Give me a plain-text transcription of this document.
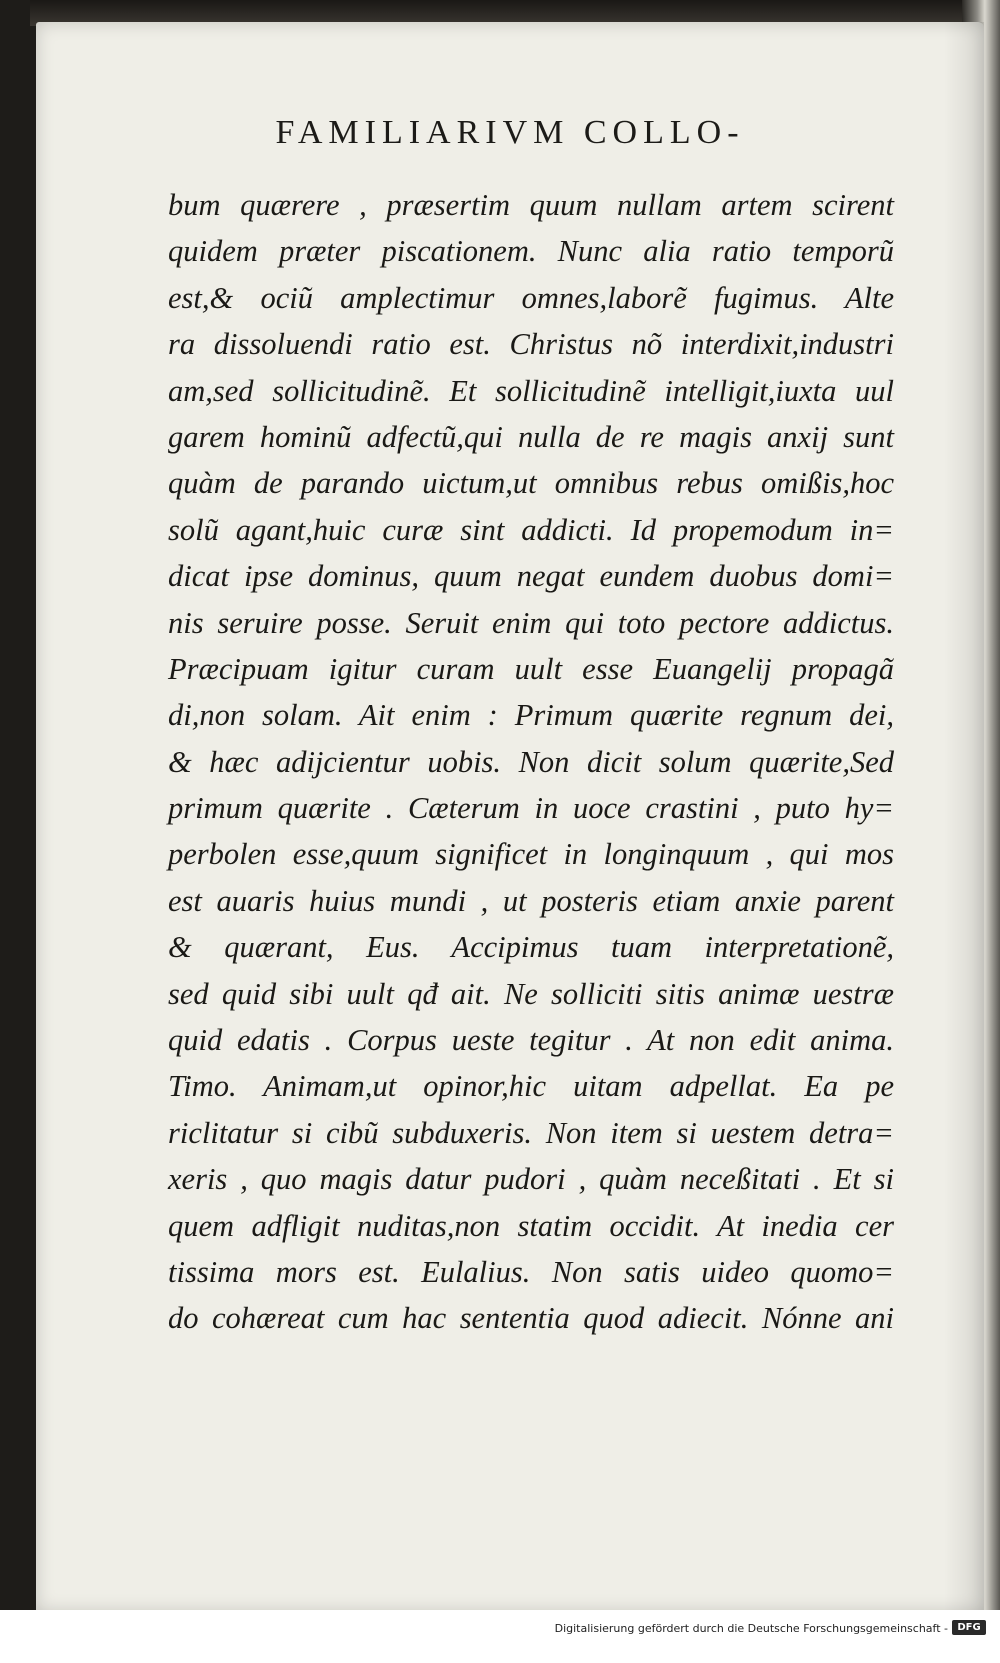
FAMILIARIVM COLLO-
bum quærere , præsertim quum nullam artem scirent
quidem præter piscationem. Nunc alia ratio temporũ
est,& ociũ amplectimur omnes,laborẽ fugimus. Alte
ra dissoluendi ratio est. Christus nõ interdixit,industri
am,sed sollicitudinẽ. Et sollicitudinẽ intelligit,iuxta uul
garem hominũ adfectũ,qui nulla de re magis anxij sunt
quàm de parando uictum,ut omnibus rebus omißis,hoc
solũ agant,huic curæ sint addicti. Id propemodum in=
dicat ipse dominus, quum negat eundem duobus domi=
nis seruire posse. Seruit enim qui toto pectore addictus.
Præcipuam igitur curam uult esse Euangelij propagã
di,non solam. Ait enim : Primum quærite regnum dei,
& hæc adijcientur uobis. Non dicit solum quærite,Sed
primum quærite . Cæterum in uoce crastini , puto hy=
perbolen esse,quum significet in longinquum , qui mos
est auaris huius mundi , ut posteris etiam anxie parent
& quærant, Eus. Accipimus tuam interpretationẽ,
sed quid sibi uult qđ ait. Ne solliciti sitis animæ uestræ
quid edatis . Corpus ueste tegitur . At non edit anima.
Timo. Animam,ut opinor,hic uitam adpellat. Ea pe
riclitatur si cibũ subduxeris. Non item si uestem detra=
xeris , quo magis datur pudori , quàm neceßitati . Et si
quem adfligit nuditas,non statim occidit. At inedia cer
tissima mors est. Eulalius. Non satis uideo quomo=
do cohæreat cum hac sententia quod adiecit. Nónne ani
Digitalisierung gefördert durch die Deutsche Forschungsgemeinschaft - DFG
